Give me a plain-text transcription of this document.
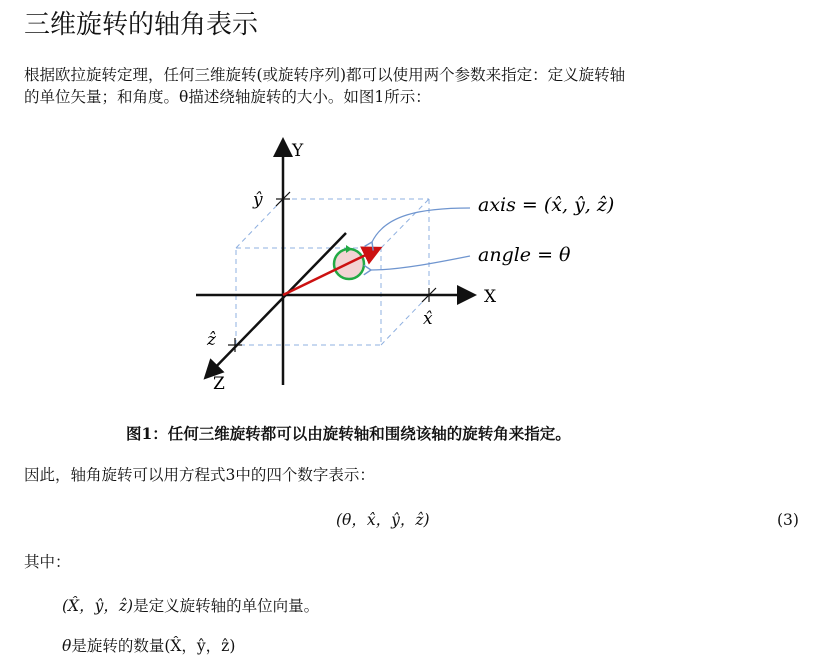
三维旋转的轴角表示
根据欧拉旋转定理，任何三维旋转(或旋转序列)都可以使用两个参数来指定：定义旋转轴
的单位矢量；和角度。θ描述绕轴旋转的大小。如图1所示：
Y
X
Z
ŷ
x̂
ẑ
axis = (x̂, ŷ, ẑ)
angle = θ
图1：任何三维旋转都可以由旋转轴和围绕该轴的旋转角来指定。
因此，轴角旋转可以用方程式3中的四个数字表示：
(θ，x̂，ŷ，ẑ)	(3)
其中：
(X̂，ŷ，ẑ)是定义旋转轴的单位向量。
θ是旋转的数量(X̂，ŷ，ẑ)
